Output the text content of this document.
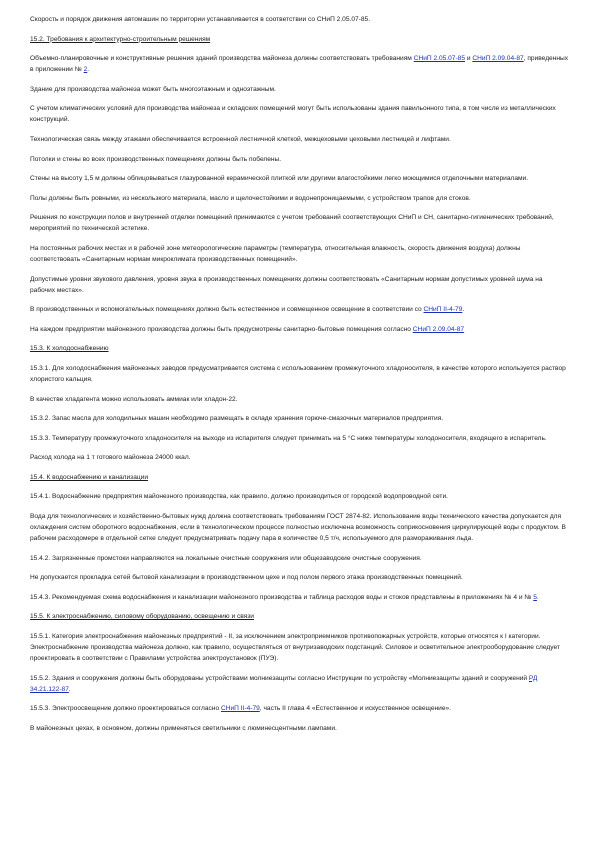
Скорость и порядок движения автомашин по территории устанавливается в соответствии со СНиП 2.05.07-85.

15.2. Требования к архитектурно-строительным решениям

Объемно-планировочные и конструктивные решения зданий производства майонеза должны соответствовать требованиям СНиП 2.05.07-85 и СНиП 2.09.04-87, приведенных в приложении № 2.

Здание для производства майонеза может быть многоэтажным и одноэтажным.

С учетом климатических условий для производства майонеза и складских помещений могут быть использованы здания павильонного типа, в том числе из металлических конструкций.

Технологическая связь между этажами обеспечивается встроенной лестничной клеткой, межцеховыми цеховыми лестницей и лифтами.

Потолки и стены во всех производственных помещениях должны быть побелены.

Стены на высоту 1,5 м должны облицовываться глазурованной керамической плиткой или другими влагостойкими легко моющимися отделочными материалами.

Полы должны быть ровными, из нескользкого материала, масло и щелочестойкими и водонепроницаемыми, с устройством трапов для стоков.

Решения по конструкции полов и внутренней отделки помещений принимаются с учетом требований соответствующих СНиП и СН, санитарно-гигиенических требований, мероприятий по технической эстетике.

На постоянных рабочих местах и в рабочей зоне метеорологические параметры (температура, относительная влажность, скорость движения воздуха) должны соответствовать «Санитарным нормам микроклимата производственных помещений».

Допустимые уровни звукового давления, уровня звука в производственных помещениях должны соответствовать «Санитарным нормам допустимых уровней шума на рабочих местах».

В производственных и вспомогательных помещениях должно быть естественное и совмещенное освещение в соответствии со СНиП II-4-79.

На каждом предприятии майонезного производства должны быть предусмотрены санитарно-бытовые помещения согласно СНиП 2.09.04-87

15.3. К холодоснабжению

15.3.1. Для холодоснабжения майонезных заводов предусматривается система с использованием промежуточного хладоносителя, в качестве которого используется раствор хлористого кальция.

В качестве хладагента можно использовать аммиак или хладон-22.

15.3.2. Запас масла для холодильных машин необходимо размещать в складе хранения горюче-смазочных материалов предприятия.

15.3.3. Температуру промежуточного хладоносителя на выходе из испарителя следует принимать на 5 °С ниже температуры холодоносителя, входящего в испаритель.

Расход холода на 1 т готового майонеза 24000 ккал.

15.4. К водоснабжению и канализации

15.4.1. Водоснабжение предприятия майонезного производства, как правило, должно производиться от городской водопроводной сети.

Вода для технологических и хозяйственно-бытовых нужд должна соответствовать требованиям ГОСТ 2874-82. Использование воды технического качества допускается для охлаждения систем оборотного водоснабжения, если в технологическом процессе полностью исключена возможность соприкосновения циркулирующей воды с продуктом. В рабочем расходомере в отдельной сетке следует предусматривать подачу пара в количестве 0,5 т/ч, используемого для размораживания льда.

15.4.2. Загрязненные промстоки направляются на локальные очистные сооружения или общезаводские очистные сооружения.

Не допускается прокладка сетей бытовой канализации в производственном цехе и под полом первого этажа производственных помещений.

15.4.3. Рекомендуемая схема водоснабжения и канализации майонезного производства и таблица расходов воды и стоков представлены в приложениях № 4 и № 5.

15.5. К электроснабжению, силовому оборудованию, освещению и связи

15.5.1. Категория электроснабжения майонезных предприятий - II, за исключением электроприемников противопожарных устройств, которые относятся к I категории. Электроснабжение производства майонеза должно, как правило, осуществляться от внутризаводских подстанций. Силовое и осветительное электрооборудование следует проектировать в соответствии с Правилами устройства электроустановок (ПУЭ).

15.5.2. Здания и сооружения должны быть оборудованы устройствами молниезащиты согласно Инструкции по устройству «Молниезащиты зданий и сооружений РД 34.21.122-87.

15.5.3. Электроосвещение должно проектироваться согласно СНиП II-4-79, часть II глава 4 «Естественное и искусственное освещение».

В майонезных цехах, в основном, должны применяться светильники с люминесцентными лампами.
